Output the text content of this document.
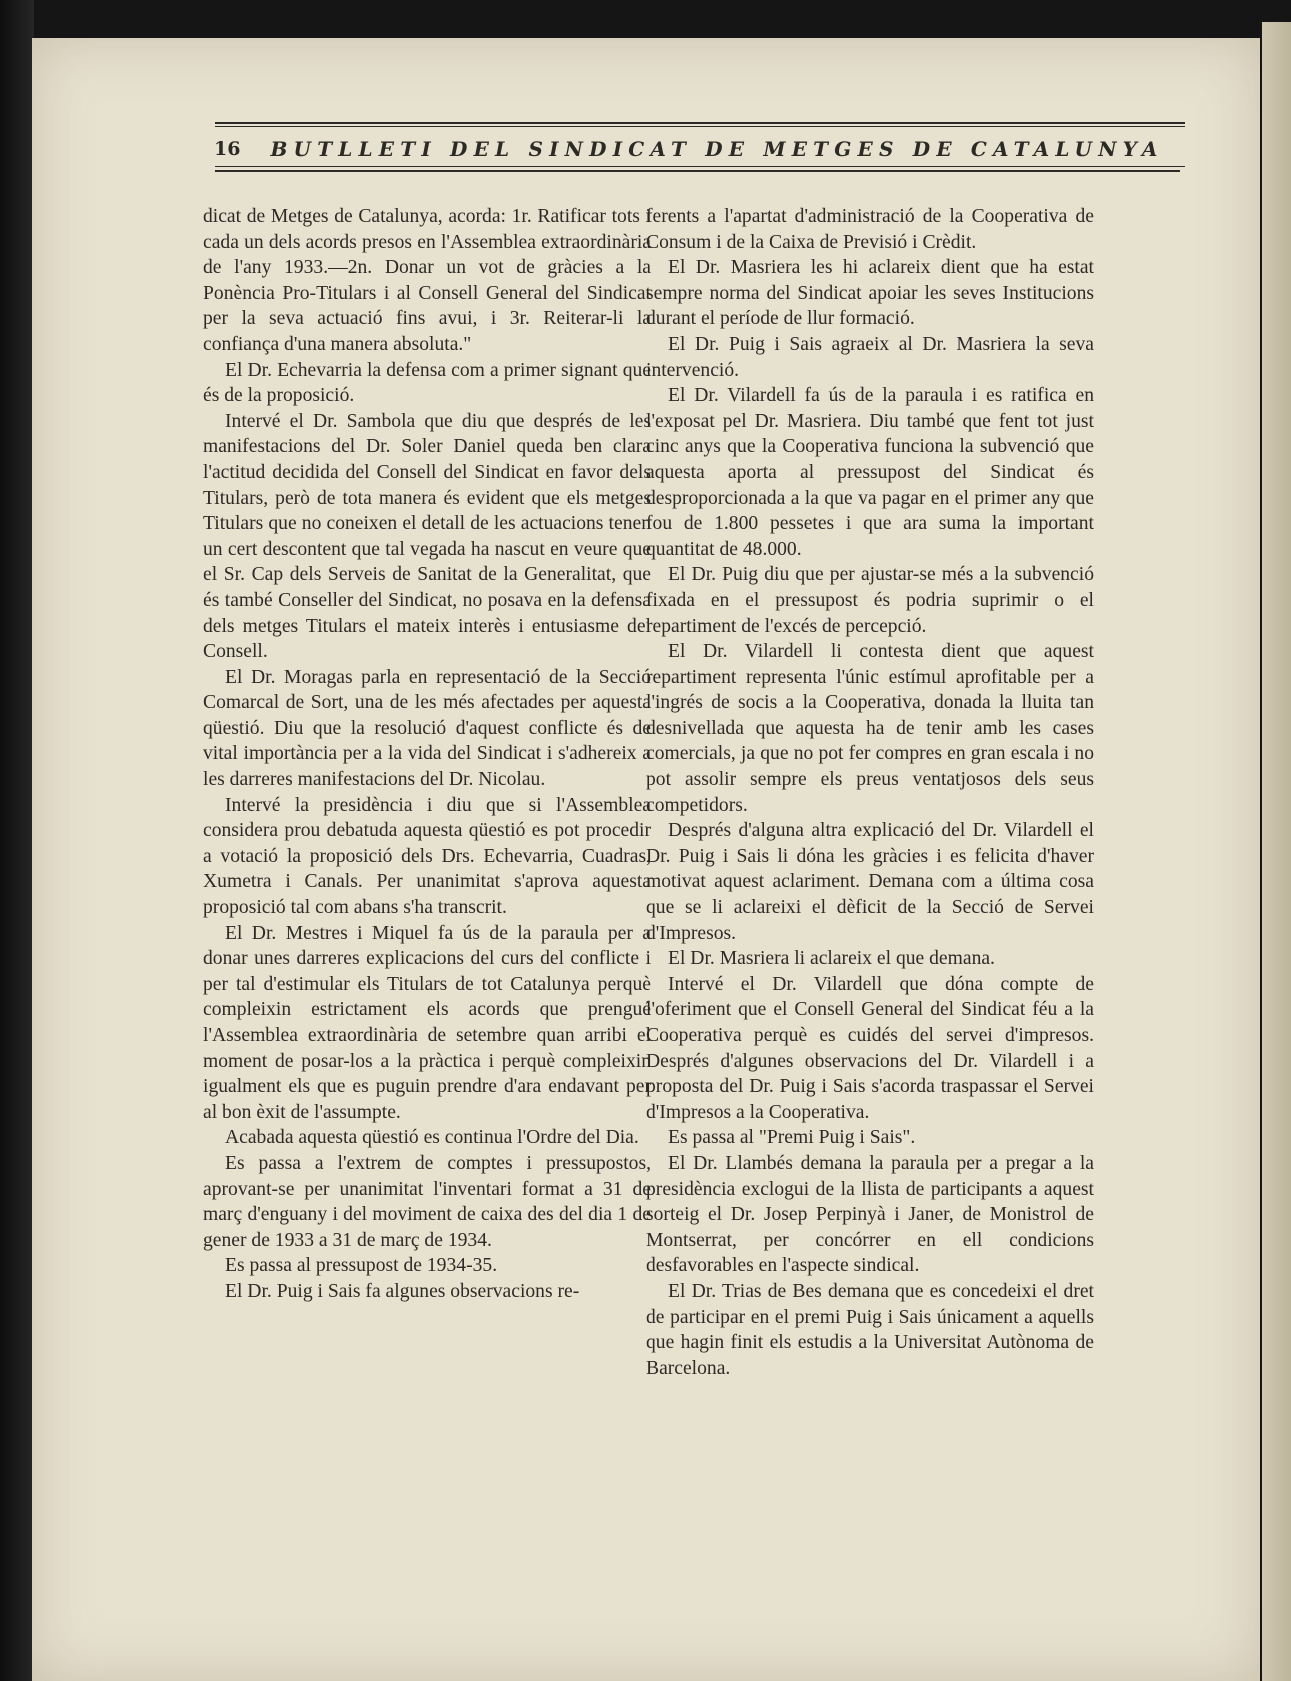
16 BUTLLETI DEL SINDICAT DE METGES DE CATALUNYA

dicat de Metges de Catalunya, acorda: 1r. Ratificar tots i cada un dels acords presos en l'Assemblea extraordinària de l'any 1933.—2n. Donar un vot de gràcies a la Ponència Pro-Titulars i al Consell General del Sindicat per la seva actuació fins avui, i 3r. Reiterar-li la confiança d'una manera absoluta."

El Dr. Echevarria la defensa com a primer signant que és de la proposició.

Intervé el Dr. Sambola que diu que després de les manifestacions del Dr. Soler Daniel queda ben clara l'actitud decidida del Consell del Sindicat en favor dels Titulars, però de tota manera és evident que els metges Titulars que no coneixen el detall de les actuacions tenen un cert descontent que tal vegada ha nascut en veure que el Sr. Cap dels Serveis de Sanitat de la Generalitat, que és també Conseller del Sindicat, no posava en la defensa dels metges Titulars el mateix interès i entusiasme del Consell.

El Dr. Moragas parla en representació de la Secció Comarcal de Sort, una de les més afectades per aquesta qüestió. Diu que la resolució d'aquest conflicte és de vital importància per a la vida del Sindicat i s'adhereix a les darreres manifestacions del Dr. Nicolau.

Intervé la presidència i diu que si l'Assemblea considera prou debatuda aquesta qüestió es pot procedir a votació la proposició dels Drs. Echevarria, Cuadras, Xumetra i Canals. Per unanimitat s'aprova aquesta proposició tal com abans s'ha transcrit.

El Dr. Mestres i Miquel fa ús de la paraula per a donar unes darreres explicacions del curs del conflicte i per tal d'estimular els Titulars de tot Catalunya perquè compleixin estrictament els acords que prengué l'Assemblea extraordinària de setembre quan arribi el moment de posar-los a la pràctica i perquè compleixin igualment els que es puguin prendre d'ara endavant per al bon èxit de l'assumpte.

Acabada aquesta qüestió es continua l'Ordre del Dia.

Es passa a l'extrem de comptes i pressupostos, aprovant-se per unanimitat l'inventari format a 31 de març d'enguany i del moviment de caixa des del dia 1 de gener de 1933 a 31 de març de 1934.

Es passa al pressupost de 1934-35.

El Dr. Puig i Sais fa algunes observacions re-

ferents a l'apartat d'administració de la Cooperativa de Consum i de la Caixa de Previsió i Crèdit.

El Dr. Masriera les hi aclareix dient que ha estat sempre norma del Sindicat apoiar les seves Institucions durant el període de llur formació.

El Dr. Puig i Sais agraeix al Dr. Masriera la seva intervenció.

El Dr. Vilardell fa ús de la paraula i es ratifica en l'exposat pel Dr. Masriera. Diu també que fent tot just cinc anys que la Cooperativa funciona la subvenció que aquesta aporta al pressupost del Sindicat és desproporcionada a la que va pagar en el primer any que fou de 1.800 pessetes i que ara suma la important quantitat de 48.000.

El Dr. Puig diu que per ajustar-se més a la subvenció fixada en el pressupost és podria suprimir o el repartiment de l'excés de percepció.

El Dr. Vilardell li contesta dient que aquest repartiment representa l'únic estímul aprofitable per a l'ingrés de socis a la Cooperativa, donada la lluita tan desnivellada que aquesta ha de tenir amb les cases comercials, ja que no pot fer compres en gran escala i no pot assolir sempre els preus ventatjosos dels seus competidors.

Després d'alguna altra explicació del Dr. Vilardell el Dr. Puig i Sais li dóna les gràcies i es felicita d'haver motivat aquest aclariment. Demana com a última cosa que se li aclareixi el dèficit de la Secció de Servei d'Impresos.

El Dr. Masriera li aclareix el que demana.

Intervé el Dr. Vilardell que dóna compte de l'oferiment que el Consell General del Sindicat féu a la Cooperativa perquè es cuidés del servei d'impresos. Després d'algunes observacions del Dr. Vilardell i a proposta del Dr. Puig i Sais s'acorda traspassar el Servei d'Impresos a la Cooperativa.

Es passa al "Premi Puig i Sais".

El Dr. Llambés demana la paraula per a pregar a la presidència exclogui de la llista de participants a aquest sorteig el Dr. Josep Perpinyà i Janer, de Monistrol de Montserrat, per concórrer en ell condicions desfavorables en l'aspecte sindical.

El Dr. Trias de Bes demana que es concedeixi el dret de participar en el premi Puig i Sais únicament a aquells que hagin finit els estudis a la Universitat Autònoma de Barcelona.
